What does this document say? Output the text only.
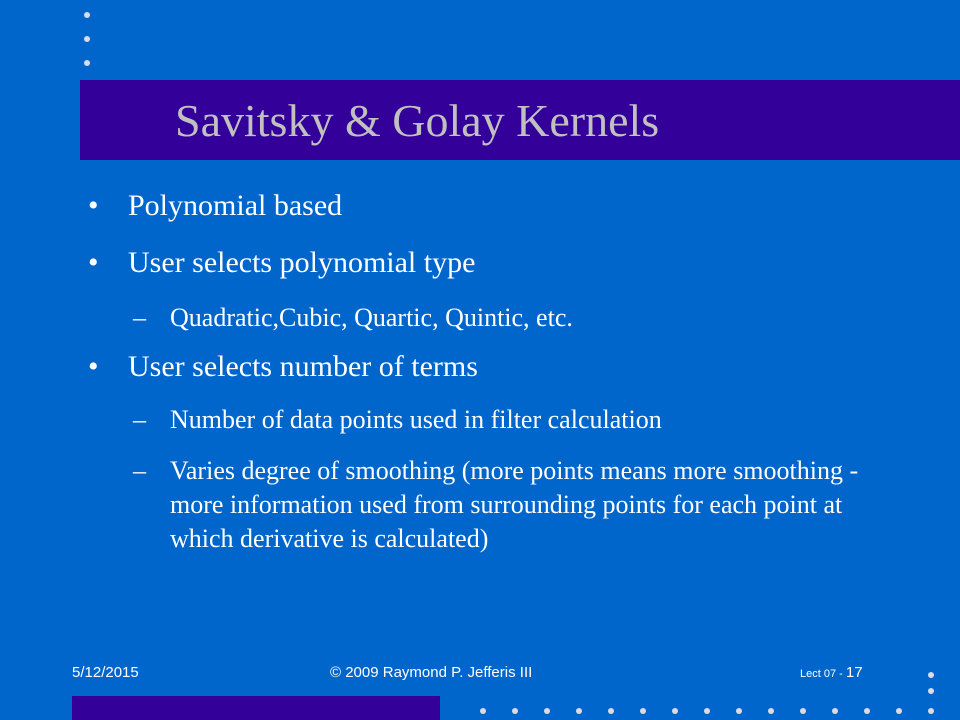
Savitsky & Golay Kernels
• Polynomial based
• User selects polynomial type
– Quadratic,Cubic, Quartic, Quintic, etc.
• User selects number of terms
– Number of data points used in filter calculation
– Varies degree of smoothing (more points means more smoothing - more information used from surrounding points for each point at which derivative is calculated)
5/12/2015	© 2009 Raymond P. Jefferis III	Lect 07 - 17
